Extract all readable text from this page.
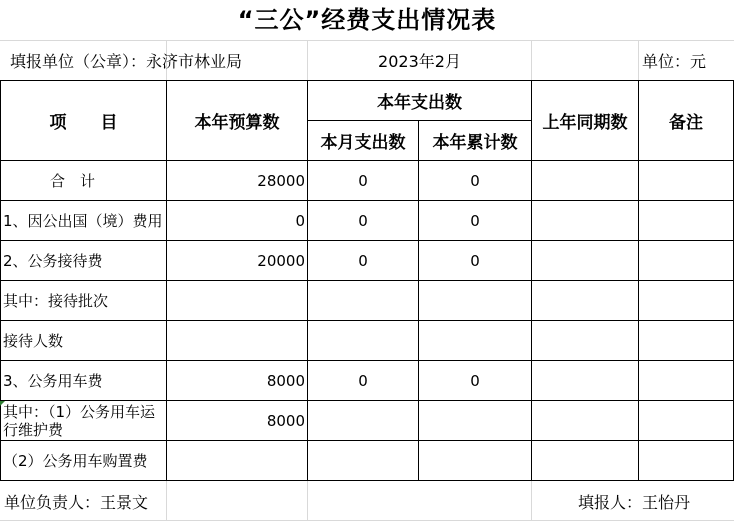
“三公”经费支出情况表
填报单位（公章）：永济市林业局	2023年2月	单位：元
项　　目	本年预算数
本年支出数
本月支出数	本年累计数
上年同期数	备注
合　计	28000	0	0
1、因公出国（境）费用	0	0	0
2、公务接待费	20000	0	0
其中：接待批次
接待人数
3、公务用车费	8000	0	0
其中：（1）公务用车运行维护费	8000
（2）公务用车购置费
单位负责人：王景文	填报人：王怡丹
